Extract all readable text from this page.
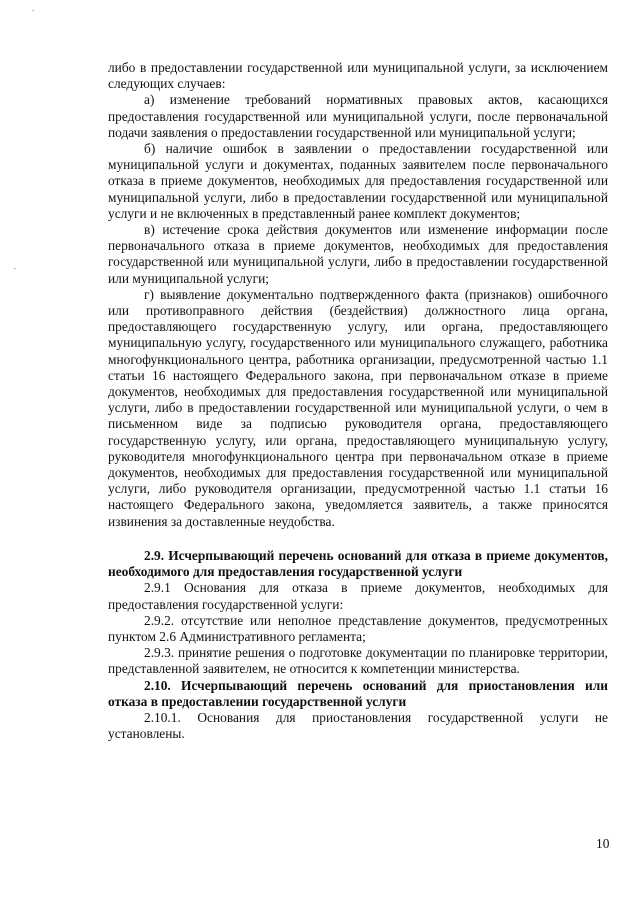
либо в предоставлении государственной или муниципальной услуги, за исключением следующих случаев:

а) изменение требований нормативных правовых актов, касающихся предоставления государственной или муниципальной услуги, после первоначальной подачи заявления о предоставлении государственной или муниципальной услуги;

б) наличие ошибок в заявлении о предоставлении государственной или муниципальной услуги и документах, поданных заявителем после первоначального отказа в приеме документов, необходимых для предоставления государственной или муниципальной услуги, либо в предоставлении государственной или муниципальной услуги и не включенных в представленный ранее комплект документов;

в) истечение срока действия документов или изменение информации после первоначального отказа в приеме документов, необходимых для предоставления государственной или муниципальной услуги, либо в предоставлении государственной или муниципальной услуги;

г) выявление документально подтвержденного факта (признаков) ошибочного или противоправного действия (бездействия) должностного лица органа, предоставляющего государственную услугу, или органа, предоставляющего муниципальную услугу, государственного или муниципального служащего, работника многофункционального центра, работника организации, предусмотренной частью 1.1 статьи 16 настоящего Федерального закона, при первоначальном отказе в приеме документов, необходимых для предоставления государственной или муниципальной услуги, либо в предоставлении государственной или муниципальной услуги, о чем в письменном виде за подписью руководителя органа, предоставляющего государственную услугу, или органа, предоставляющего муниципальную услугу, руководителя многофункционального центра при первоначальном отказе в приеме документов, необходимых для предоставления государственной или муниципальной услуги, либо руководителя организации, предусмотренной частью 1.1 статьи 16 настоящего Федерального закона, уведомляется заявитель, а также приносятся извинения за доставленные неудобства.

2.9. Исчерпывающий перечень оснований для отказа в приеме документов, необходимого для предоставления государственной услуги

2.9.1 Основания для отказа в приеме документов, необходимых для предоставления государственной услуги:

2.9.2. отсутствие или неполное представление документов, предусмотренных пунктом 2.6 Административного регламента;

2.9.3. принятие решения о подготовке документации по планировке территории, представленной заявителем, не относится к компетенции министерства.

2.10. Исчерпывающий перечень оснований для приостановления или отказа в предоставлении государственной услуги

2.10.1. Основания для приостановления государственной услуги не установлены.

10
